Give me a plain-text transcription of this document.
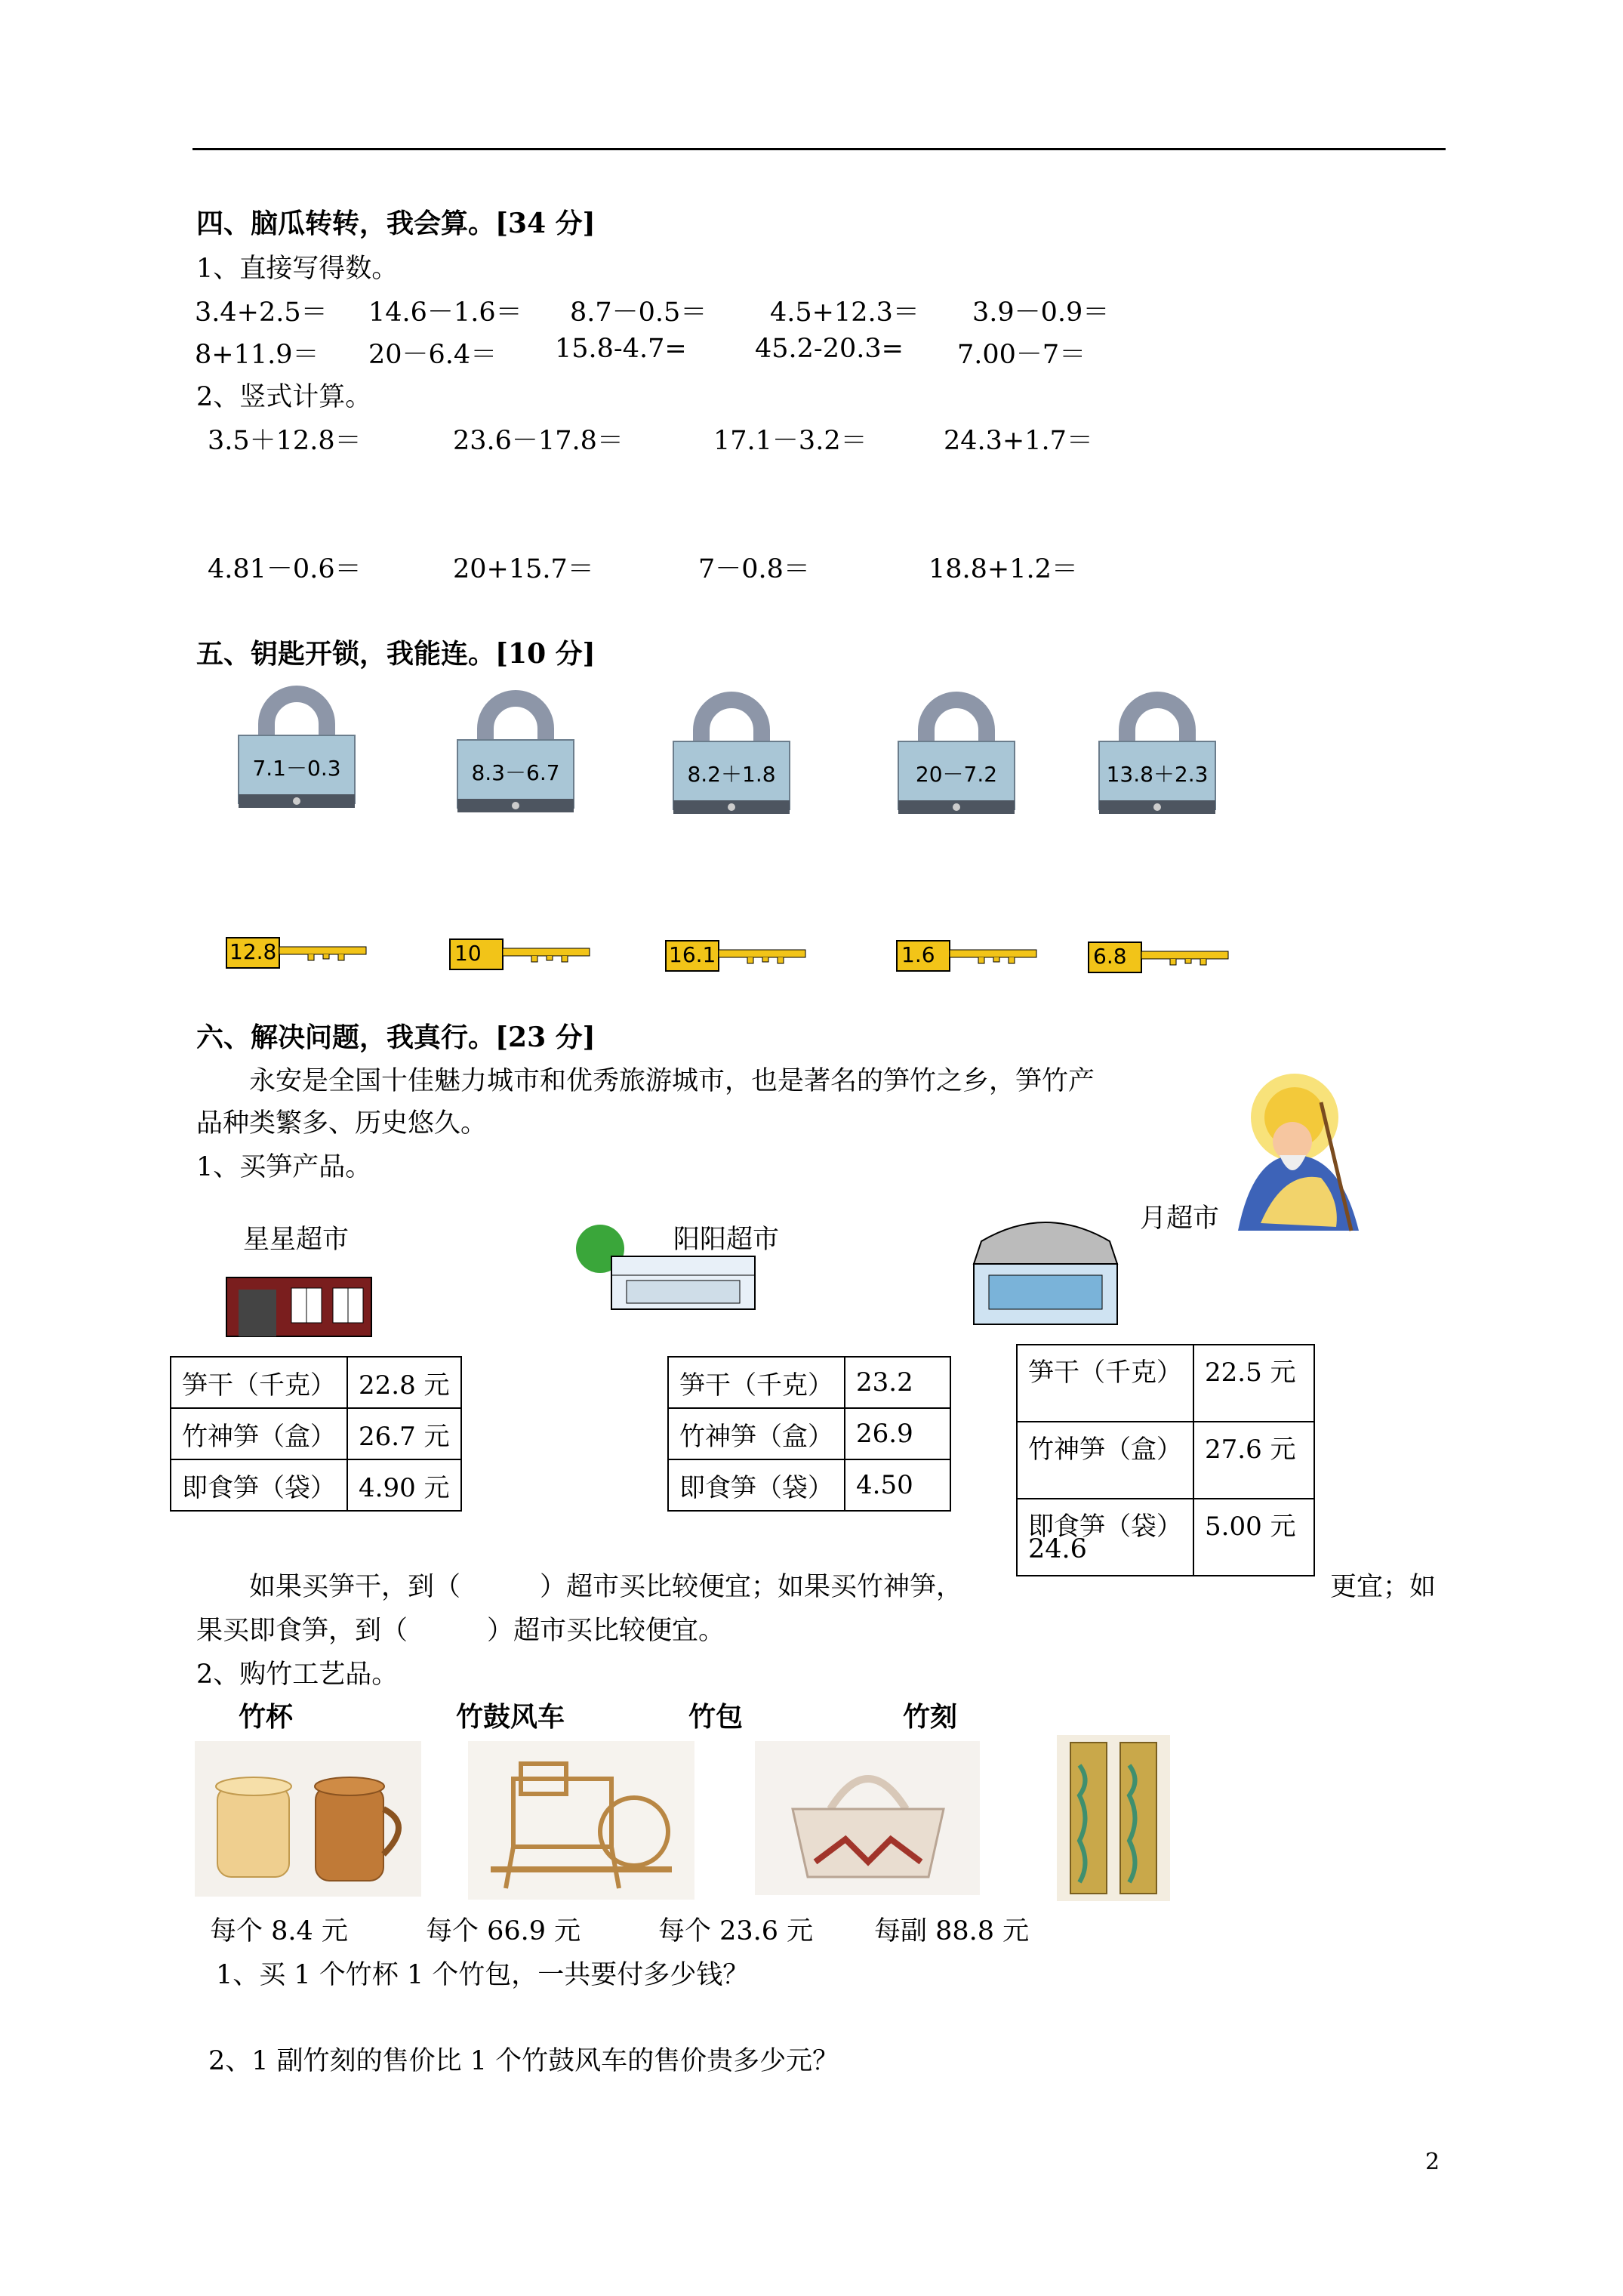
四、脑瓜转转，我会算。[34 分]
1、直接写得数。
3.4+2.5＝ 14.6－1.6＝ 8.7－0.5＝ 4.5+12.3＝ 3.9－0.9＝
8+11.9＝ 20－6.4＝ 15.8-4.7=	45.2-20.3= 7.00－7＝
2、竖式计算。
3.5＋12.8＝	23.6－17.8＝	17.1－3.2＝	24.3+1.7＝
4.81－0.6＝	20+15.7＝	7－0.8＝	18.8+1.2＝
五、钥匙开锁，我能连。[10 分]
7.1－0.3	8.3－6.7	8.2＋1.8	20－7.2	13.8＋2.3
12.8	10	16.1	1.6	6.8
六、解决问题，我真行。[23 分]
永安是全国十佳魅力城市和优秀旅游城市，也是著名的笋竹之乡，笋竹产
品种类繁多、历史悠久。
1、买笋产品。
星星超市	阳阳超市
月超市
笋干（千克）	22.8 元
竹神笋（盒）	26.7 元
即食笋（袋）	4.90 元
笋干（千克）	23.2
竹神笋（盒）	26.9
即食笋（袋）	4.50
笋干（千克）	22.5 元
竹神笋（盒）	27.6 元
即食笋（袋）	5.00 元
24.6
如果买笋干，到（　　　）超市买比较便宜；如果买竹神笋，	更宜；如
果买即食笋，到（　　　）超市买比较便宜。
2、购竹工艺品。
竹杯	竹鼓风车	竹包	竹刻
每个 8.4 元	每个 66.9 元	每个 23.6 元 每副 88.8 元
1、买 1 个竹杯 1 个竹包，一共要付多少钱？
2、1 副竹刻的售价比 1 个竹鼓风车的售价贵多少元？
2
